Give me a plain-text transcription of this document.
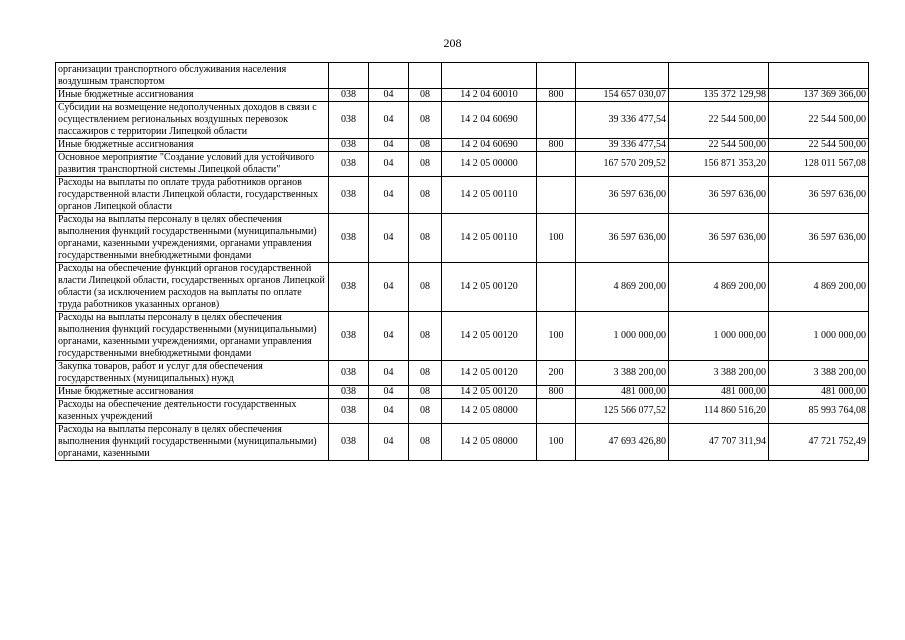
208
организации транспортного обслуживания населения воздушным транспортом								
Иные бюджетные ассигнования	038	04	08	14 2 04 60010	800	154 657 030,07	135 372 129,98	137 369 366,00
Субсидии на возмещение недополученных доходов в связи с осуществлением региональных воздушных перевозок пассажиров с территории Липецкой области	038	04	08	14 2 04 60690		39 336 477,54	22 544 500,00	22 544 500,00
Иные бюджетные ассигнования	038	04	08	14 2 04 60690	800	39 336 477,54	22 544 500,00	22 544 500,00
Основное мероприятие "Создание условий для устойчивого развития транспортной системы Липецкой области"	038	04	08	14 2 05 00000		167 570 209,52	156 871 353,20	128 011 567,08
Расходы на выплаты по оплате труда работников органов государственной власти Липецкой области, государственных органов Липецкой области	038	04	08	14 2 05 00110		36 597 636,00	36 597 636,00	36 597 636,00
Расходы на выплаты персоналу в целях обеспечения выполнения функций государственными (муниципальными) органами, казенными учреждениями, органами управления государственными внебюджетными фондами	038	04	08	14 2 05 00110	100	36 597 636,00	36 597 636,00	36 597 636,00
Расходы на обеспечение функций органов государственной власти Липецкой области, государственных органов Липецкой области (за исключением расходов на выплаты по оплате труда работников указанных органов)	038	04	08	14 2 05 00120		4 869 200,00	4 869 200,00	4 869 200,00
Расходы на выплаты персоналу в целях обеспечения выполнения функций государственными (муниципальными) органами, казенными учреждениями, органами управления государственными внебюджетными фондами	038	04	08	14 2 05 00120	100	1 000 000,00	1 000 000,00	1 000 000,00
Закупка товаров, работ и услуг для обеспечения государственных (муниципальных) нужд	038	04	08	14 2 05 00120	200	3 388 200,00	3 388 200,00	3 388 200,00
Иные бюджетные ассигнования	038	04	08	14 2 05 00120	800	481 000,00	481 000,00	481 000,00
Расходы на обеспечение деятельности государственных казенных учреждений	038	04	08	14 2 05 08000		125 566 077,52	114 860 516,20	85 993 764,08
Расходы на выплаты персоналу в целях обеспечения выполнения функций государственными (муниципальными) органами, казенными	038	04	08	14 2 05 08000	100	47 693 426,80	47 707 311,94	47 721 752,49
